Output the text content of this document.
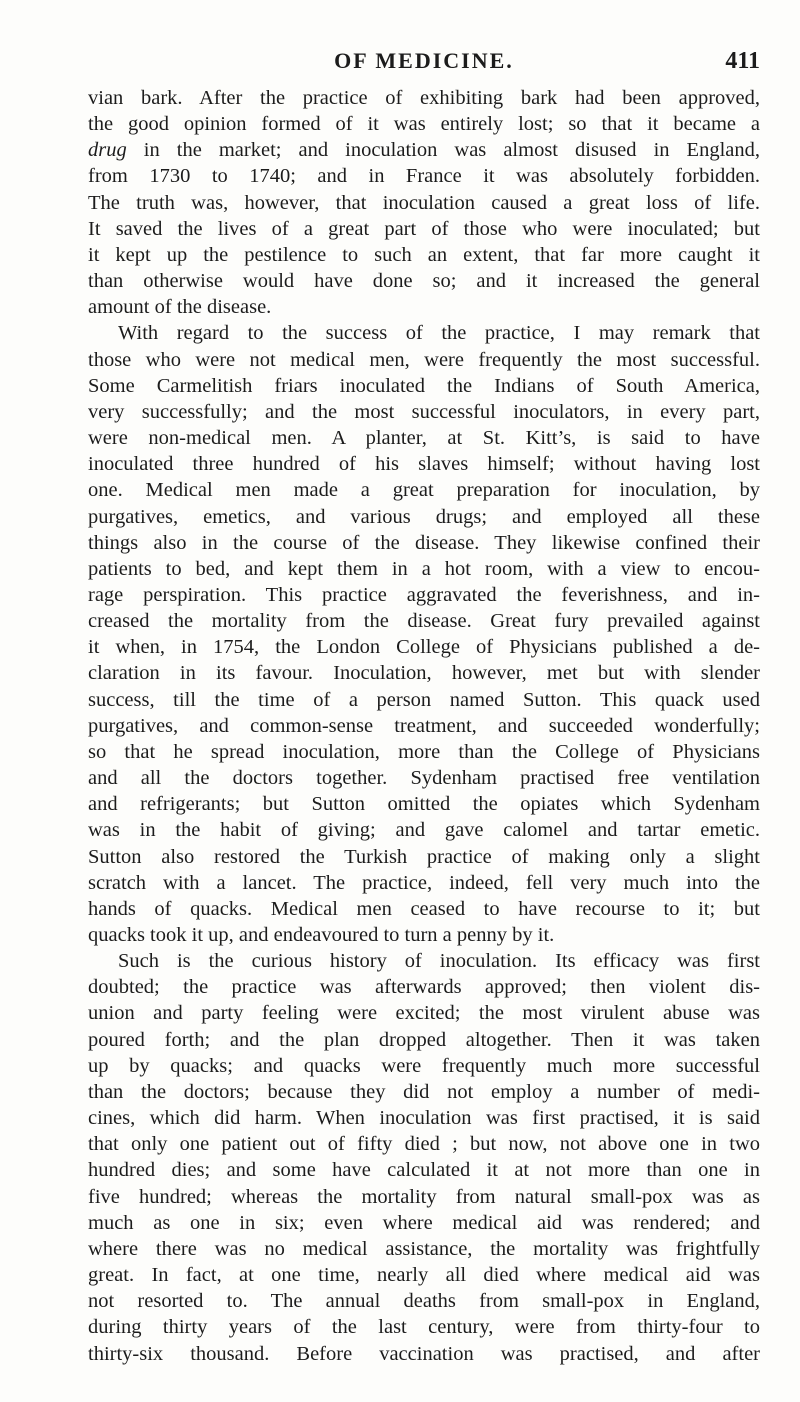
OF MEDICINE.	411
vian bark. After the practice of exhibiting bark had been approved,
the good opinion formed of it was entirely lost; so that it became a
drug in the market; and inoculation was almost disused in England,
from 1730 to 1740; and in France it was absolutely forbidden.
The truth was, however, that inoculation caused a great loss of life.
It saved the lives of a great part of those who were inoculated; but
it kept up the pestilence to such an extent, that far more caught it
than otherwise would have done so; and it increased the general
amount of the disease.
With regard to the success of the practice, I may remark that
those who were not medical men, were frequently the most successful.
Some Carmelitish friars inoculated the Indians of South America,
very successfully; and the most successful inoculators, in every part,
were non-medical men. A planter, at St. Kitt’s, is said to have
inoculated three hundred of his slaves himself; without having lost
one. Medical men made a great preparation for inoculation, by
purgatives, emetics, and various drugs; and employed all these
things also in the course of the disease. They likewise confined their
patients to bed, and kept them in a hot room, with a view to encou-
rage perspiration. This practice aggravated the feverishness, and in-
creased the mortality from the disease. Great fury prevailed against
it when, in 1754, the London College of Physicians published a de-
claration in its favour. Inoculation, however, met but with slender
success, till the time of a person named Sutton. This quack used
purgatives, and common-sense treatment, and succeeded wonderfully;
so that he spread inoculation, more than the College of Physicians
and all the doctors together. Sydenham practised free ventilation
and refrigerants; but Sutton omitted the opiates which Sydenham
was in the habit of giving; and gave calomel and tartar emetic.
Sutton also restored the Turkish practice of making only a slight
scratch with a lancet. The practice, indeed, fell very much into the
hands of quacks. Medical men ceased to have recourse to it; but
quacks took it up, and endeavoured to turn a penny by it.
Such is the curious history of inoculation. Its efficacy was first
doubted; the practice was afterwards approved; then violent dis-
union and party feeling were excited; the most virulent abuse was
poured forth; and the plan dropped altogether. Then it was taken
up by quacks; and quacks were frequently much more successful
than the doctors; because they did not employ a number of medi-
cines, which did harm. When inoculation was first practised, it is said
that only one patient out of fifty died ; but now, not above one in two
hundred dies; and some have calculated it at not more than one in
five hundred; whereas the mortality from natural small-pox was as
much as one in six; even where medical aid was rendered; and
where there was no medical assistance, the mortality was frightfully
great. In fact, at one time, nearly all died where medical aid was
not resorted to. The annual deaths from small-pox in England,
during thirty years of the last century, were from thirty-four to
thirty-six thousand. Before vaccination was practised, and after
